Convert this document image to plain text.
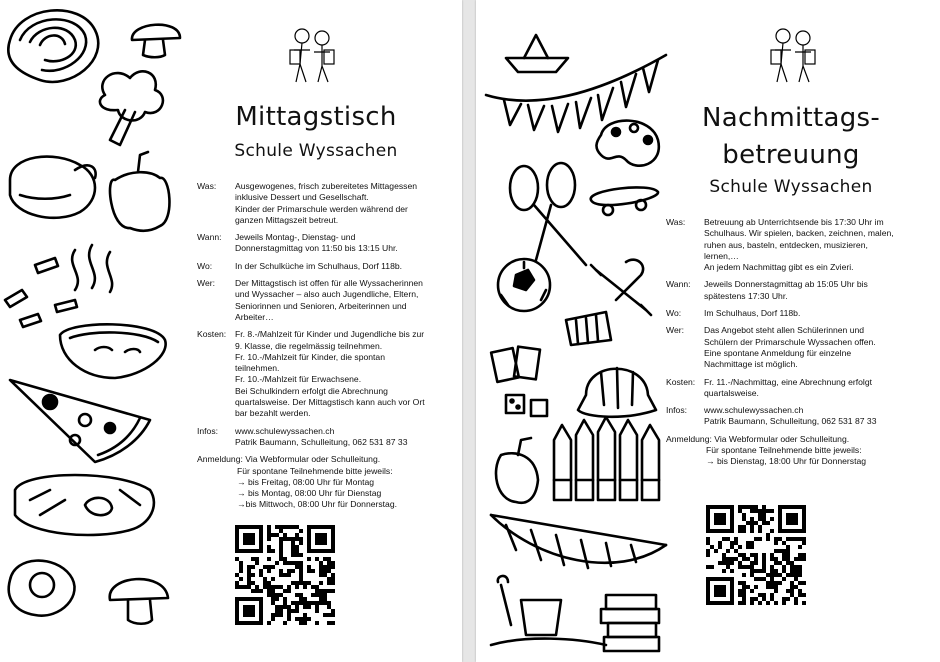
Mittagstisch
Schule Wyssachen
Was:	Ausgewogenes, frisch zubereitetes Mittagessen
inklusive Dessert und Gesellschaft.
Kinder der Primarschule werden während der
ganzen Mittagszeit betreut.
Wann:	Jeweils Montag-, Dienstag- und
Donnerstagmittag von 11:50 bis 13:15 Uhr.
Wo:	In der Schulküche im Schulhaus, Dorf 118b.
Wer:	Der Mittagstisch ist offen für alle Wyssacherinnen
und Wyssacher – also auch Jugendliche, Eltern,
Seniorinnen und Senioren, Arbeiterinnen und
Arbeiter…
Kosten:	Fr. 8.-/Mahlzeit für Kinder und Jugendliche bis zur
9. Klasse, die regelmässig teilnehmen.
Fr. 10.-/Mahlzeit für Kinder, die spontan
teilnehmen.
Fr. 10.-/Mahlzeit für Erwachsene.
Bei Schulkindern erfolgt die Abrechnung
quartalsweise. Der Mittagstisch kann auch vor Ort
bar bezahlt werden.
Infos:	www.schulewyssachen.ch
Patrik Baumann, Schulleitung, 062 531 87 33
Anmeldung: Via Webformular oder Schulleitung.
Für spontane Teilnehmende bitte jeweils:
→ bis Freitag, 08:00 Uhr für Montag
→ bis Montag, 08:00 Uhr für Dienstag
→bis Mittwoch, 08:00 Uhr für Donnerstag.
Nachmittags-
betreuung
Schule Wyssachen
Was:	Betreuung ab Unterrichtsende bis 17:30 Uhr im
Schulhaus. Wir spielen, backen, zeichnen, malen,
ruhen aus, basteln, entdecken, musizieren,
lernen,…
An jedem Nachmittag gibt es ein Zvieri.
Wann:	Jeweils Donnerstagmittag ab 15:05 Uhr bis
spätestens 17:30 Uhr.
Wo:	Im Schulhaus, Dorf 118b.
Wer:	Das Angebot steht allen Schülerinnen und
Schülern der Primarschule Wyssachen offen.
Eine spontane Anmeldung für einzelne
Nachmittage ist möglich.
Kosten:	Fr. 11.-/Nachmittag, eine Abrechnung erfolgt
quartalsweise.
Infos:	www.schulewyssachen.ch
Patrik Baumann, Schulleitung, 062 531 87 33
Anmeldung: Via Webformular oder Schulleitung.
Für spontane Teilnehmende bitte jeweils:
→ bis Dienstag, 18:00 Uhr für Donnerstag
